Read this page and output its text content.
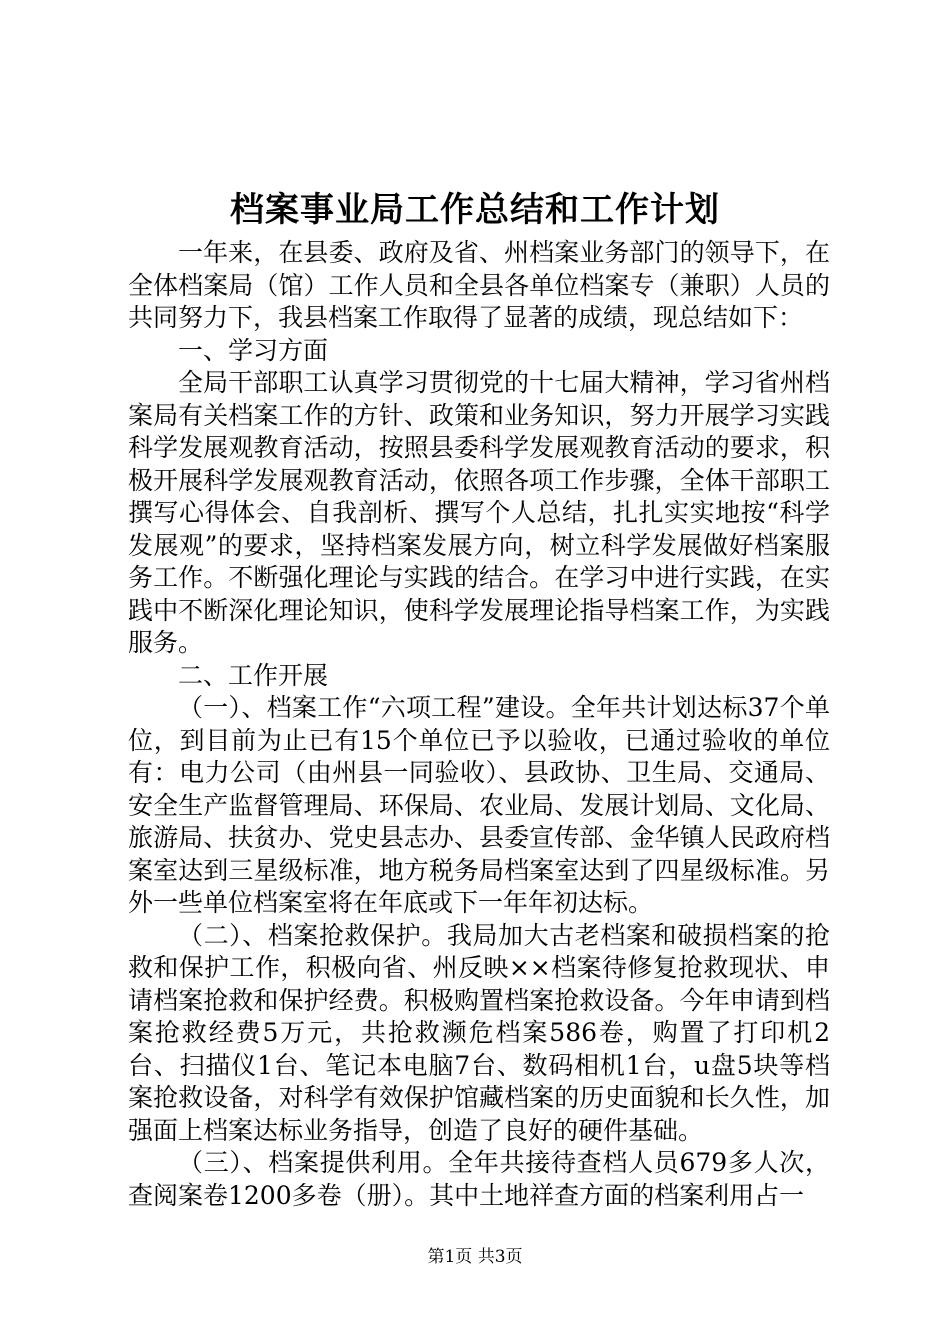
档案事业局工作总结和工作计划

一年来，在县委、政府及省、州档案业务部门的领导下，在全体档案局（馆）工作人员和全县各单位档案专（兼职）人员的共同努力下，我县档案工作取得了显著的成绩，现总结如下：

一、学习方面

全局干部职工认真学习贯彻党的十七届大精神，学习省州档案局有关档案工作的方针、政策和业务知识，努力开展学习实践科学发展观教育活动，按照县委科学发展观教育活动的要求，积极开展科学发展观教育活动，依照各项工作步骤，全体干部职工撰写心得体会、自我剖析、撰写个人总结，扎扎实实地按“科学发展观”的要求，坚持档案发展方向，树立科学发展做好档案服务工作。不断强化理论与实践的结合。在学习中进行实践，在实践中不断深化理论知识，使科学发展理论指导档案工作，为实践服务。

二、工作开展

（一）、档案工作“六项工程”建设。全年共计划达标37个单位，到目前为止已有15个单位已予以验收，已通过验收的单位有：电力公司（由州县一同验收）、县政协、卫生局、交通局、安全生产监督管理局、环保局、农业局、发展计划局、文化局、旅游局、扶贫办、党史县志办、县委宣传部、金华镇人民政府档案室达到三星级标准，地方税务局档案室达到了四星级标准。另外一些单位档案室将在年底或下一年年初达标。

（二）、档案抢救保护。我局加大古老档案和破损档案的抢救和保护工作，积极向省、州反映××档案待修复抢救现状、申请档案抢救和保护经费。积极购置档案抢救设备。今年申请到档案抢救经费5万元，共抢救濒危档案586卷，购置了打印机2台、扫描仪1台、笔记本电脑7台、数码相机1台，u盘5块等档案抢救设备，对科学有效保护馆藏档案的历史面貌和长久性，加强面上档案达标业务指导，创造了良好的硬件基础。

（三）、档案提供利用。全年共接待查档人员679多人次，查阅案卷1200多卷（册）。其中土地祥查方面的档案利用占一

第1页 共3页
